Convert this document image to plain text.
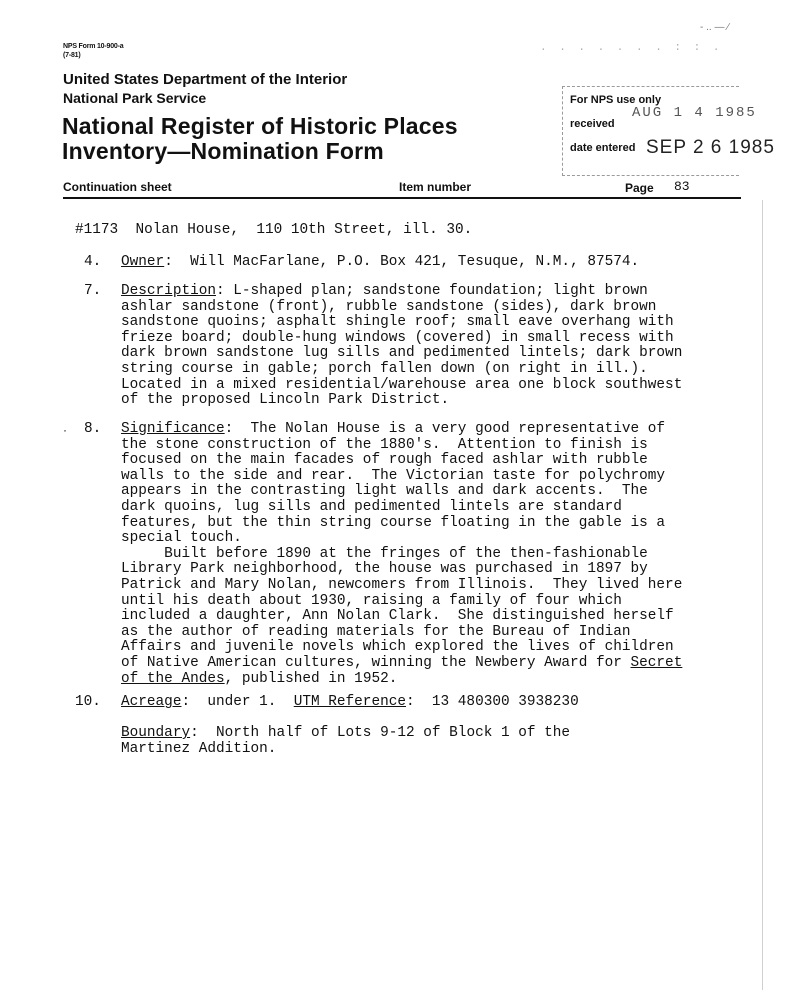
NPS Form 10-900-a
(7-81)
. . . . . . . : : .
- .. — ∕
United States Department of the Interior
National Park Service
National Register of Historic Places
Inventory—Nomination Form
For NPS use only
received
AUG 1 4 1985
date entered SEP 2 6 1985
Continuation sheet	Item number	Page 83
#1173  Nolan House,  110 10th Street, ill. 30.
4. Owner:  Will MacFarlane, P.O. Box 421, Tesuque, N.M., 87574.
7. Description: L-shaped plan; sandstone foundation; light brown
ashlar sandstone (front), rubble sandstone (sides), dark brown
sandstone quoins; asphalt shingle roof; small eave overhang with
frieze board; double-hung windows (covered) in small recess with
dark brown sandstone lug sills and pedimented lintels; dark brown
string course in gable; porch fallen down (on right in ill.).
Located in a mixed residential/warehouse area one block southwest
of the proposed Lincoln Park District.
· 8. Significance:  The Nolan House is a very good representative of
the stone construction of the 1880's.  Attention to finish is
focused on the main facades of rough faced ashlar with rubble
walls to the side and rear.  The Victorian taste for polychromy
appears in the contrasting light walls and dark accents.  The
dark quoins, lug sills and pedimented lintels are standard
features, but the thin string course floating in the gable is a
special touch.
Built before 1890 at the fringes of the then-fashionable
Library Park neighborhood, the house was purchased in 1897 by
Patrick and Mary Nolan, newcomers from Illinois.  They lived here
until his death about 1930, raising a family of four which
included a daughter, Ann Nolan Clark.  She distinguished herself
as the author of reading materials for the Bureau of Indian
Affairs and juvenile novels which explored the lives of children
of Native American cultures, winning the Newbery Award for Secret
of the Andes, published in 1952.
10. Acreage:  under 1.  UTM Reference:  13 480300 3938230
Boundary:  North half of Lots 9-12 of Block 1 of the
Martinez Addition.
